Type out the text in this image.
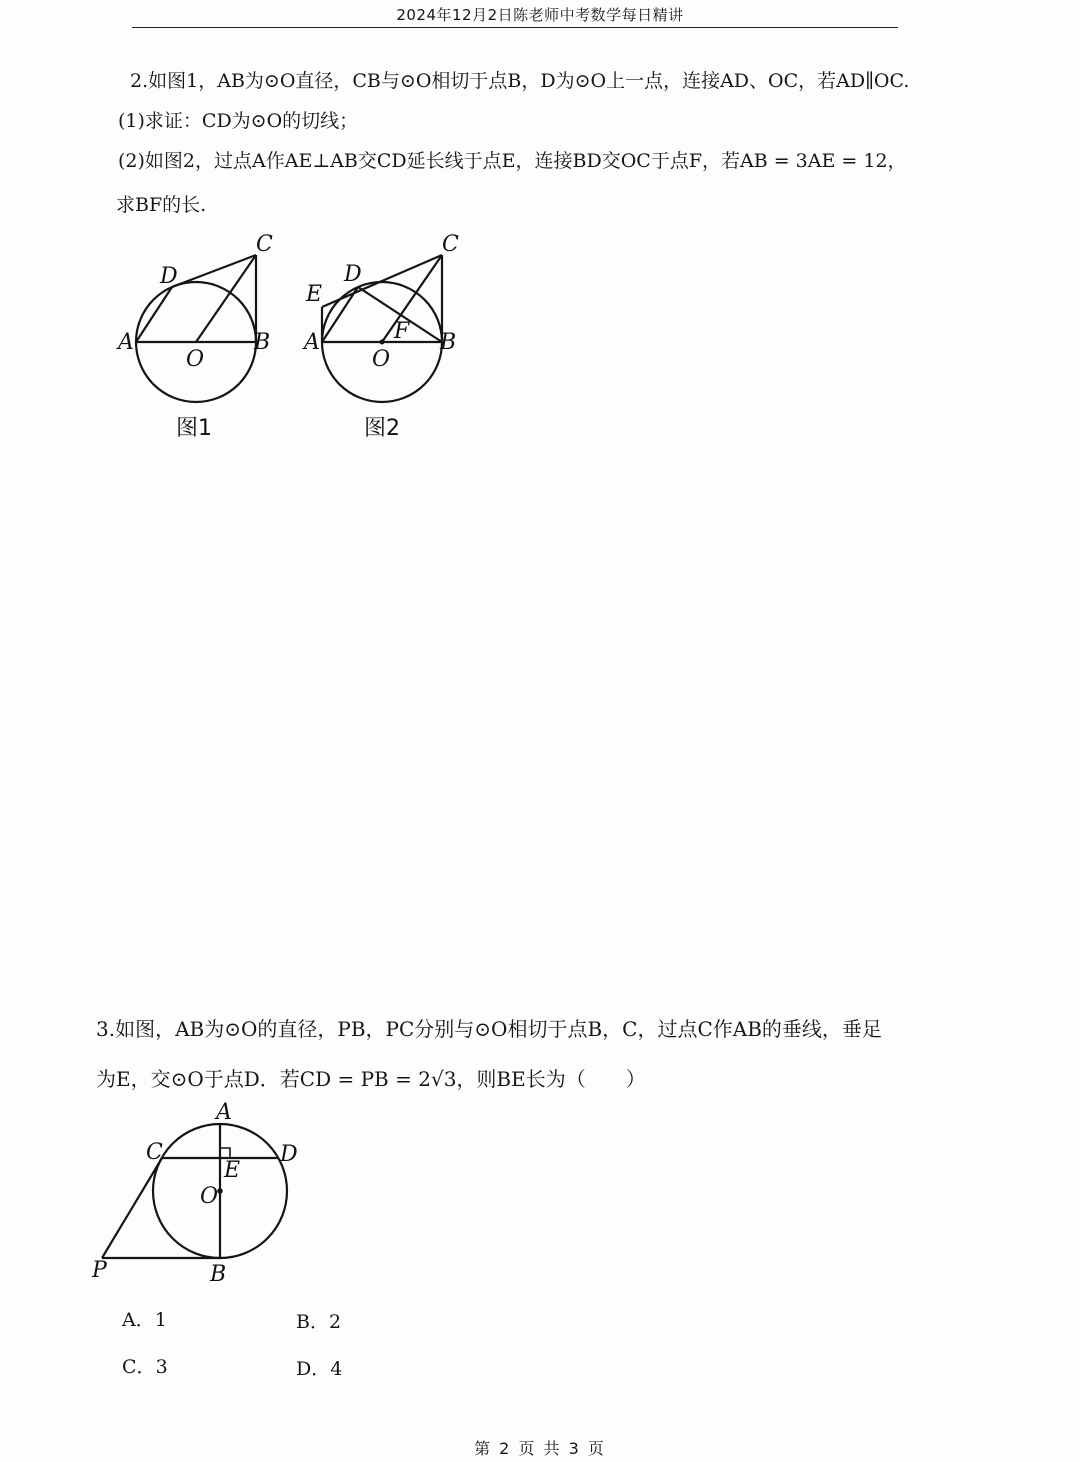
2024年12月2日陈老师中考数学每日精讲
2.如图1，AB为⊙O直径，CB与⊙O相切于点B，D为⊙O上一点，连接AD、OC，若AD∥OC.
(1)求证：CD为⊙O的切线；
(2)如图2，过点A作AE⊥AB交CD延长线于点E，连接BD交OC于点F，若AB = 3AE = 12，
求BF的长.
A	B
C
D
O
图1
A	B
C
D
E
F
O
图2
3.如图，AB为⊙O的直径，PB，PC分别与⊙O相切于点B，C，过点C作AB的垂线，垂足
为E，交⊙O于点D．若CD = PB = 2√3，则BE长为（　　）
A
B
C	D
E
O
P
A．1	B．2
C．3	D．4
第 2 页 共 3 页
